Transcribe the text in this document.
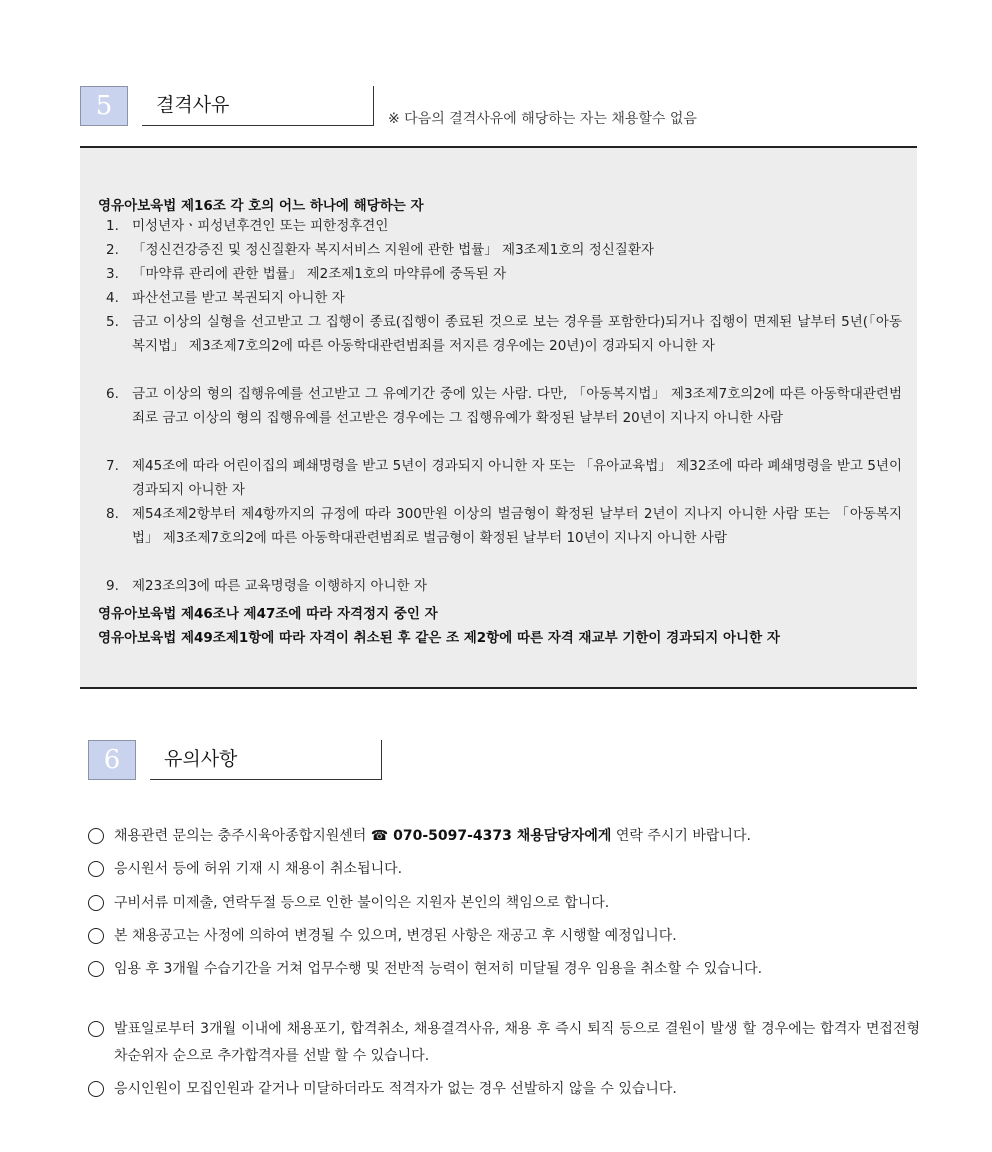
5	결격사유
※ 다음의 결격사유에 해당하는 자는 채용할수 없음
영유아보육법 제16조 각 호의 어느 하나에 해당하는 자
1. 미성년자ㆍ피성년후견인 또는 피한정후견인
2. 「정신건강증진 및 정신질환자 복지서비스 지원에 관한 법률」 제3조제1호의 정신질환자
3. 「마약류 관리에 관한 법률」 제2조제1호의 마약류에 중독된 자
4. 파산선고를 받고 복권되지 아니한 자
5. 금고 이상의 실형을 선고받고 그 집행이 종료(집행이 종료된 것으로 보는 경우를 포함한다)되거나 집행이 면제된 날부터 5년(「아동복지법」 제3조제7호의2에 따른 아동학대관련범죄를 저지른 경우에는 20년)이 경과되지 아니한 자
6. 금고 이상의 형의 집행유예를 선고받고 그 유예기간 중에 있는 사람. 다만, 「아동복지법」 제3조제7호의2에 따른 아동학대관련범죄로 금고 이상의 형의 집행유예를 선고받은 경우에는 그 집행유예가 확정된 날부터 20년이 지나지 아니한 사람
7. 제45조에 따라 어린이집의 폐쇄명령을 받고 5년이 경과되지 아니한 자 또는 「유아교육법」 제32조에 따라 폐쇄명령을 받고 5년이 경과되지 아니한 자
8. 제54조제2항부터 제4항까지의 규정에 따라 300만원 이상의 벌금형이 확정된 날부터 2년이 지나지 아니한 사람 또는 「아동복지법」 제3조제7호의2에 따른 아동학대관련범죄로 벌금형이 확정된 날부터 10년이 지나지 아니한 사람
9. 제23조의3에 따른 교육명령을 이행하지 아니한 자
영유아보육법 제46조나 제47조에 따라 자격정지 중인 자
영유아보육법 제49조제1항에 따라 자격이 취소된 후 같은 조 제2항에 따른 자격 재교부 기한이 경과되지 아니한 자
6	유의사항
채용관련 문의는 충주시육아종합지원센터 ☎ 070-5097-4373 채용담당자에게 연락 주시기 바랍니다.
응시원서 등에 허위 기재 시 채용이 취소됩니다.
구비서류 미제출, 연락두절 등으로 인한 불이익은 지원자 본인의 책임으로 합니다.
본 채용공고는 사정에 의하여 변경될 수 있으며, 변경된 사항은 재공고 후 시행할 예정입니다.
임용 후 3개월 수습기간을 거쳐 업무수행 및 전반적 능력이 현저히 미달될 경우 임용을 취소할 수 있습니다.
발표일로부터 3개월 이내에 채용포기, 합격취소, 채용결격사유, 채용 후 즉시 퇴직 등으로 결원이 발생 할 경우에는 합격자 면접전형 차순위자 순으로 추가합격자를 선발 할 수 있습니다.
응시인원이 모집인원과 같거나 미달하더라도 적격자가 없는 경우 선발하지 않을 수 있습니다.
